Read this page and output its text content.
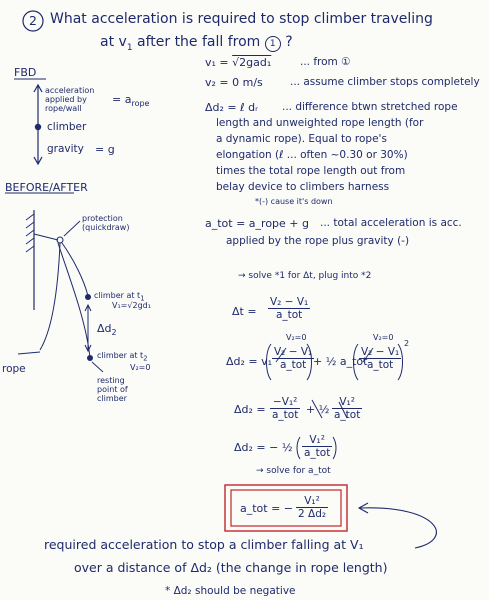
2 What acceleration is required to stop climber traveling
at $v_1$ after the fall from 1 ?
FBD
acceleration applied by rope/wall
= $a_{rope}$
climber
gravity = g
BEFORE/AFTER
protection (quickdraw)
climber at $t_1$
V₁=√2gd₁
$\Delta d_2$
climber at $t_2$
V₂=0
rope
resting point of climber
v₁ = √2gad₁	... from ①
v₂ = 0 m/s	... assume climber stops completely
Δd₂ = ℓ dᵣ ... difference btwn stretched rope
length and unweighted rope length (for
a dynamic rope). Equal to rope's
elongation (ℓ ... often ~0.30 or 30%)
times the total rope length out from
belay device to climbers harness
*(-) cause it's down
a_tot = a_rope + g ... total acceleration is acc.
applied by the rope plus gravity (-)
→ solve *1 for Δt, plug into *2
Δt =
V₂ − V₁
a_tot
Δd₂ = v₁
V₂ − V₁
a_tot
V₂=0
+ ½ a_tot
V₂ − V₁
a_tot
V₂=0
2
Δd₂ =
−V₁²
a_tot + ½
V₁²
a_tot
Δd₂ = − ½
V₁²
a_tot
→ solve for a_tot
a_tot = − $\frac{\text{V₁²}}{\text{2 Δd₂}}$
required acceleration to stop a climber falling at V₁
over a distance of Δd₂ (the change in rope length)
* Δd₂ should be negative
